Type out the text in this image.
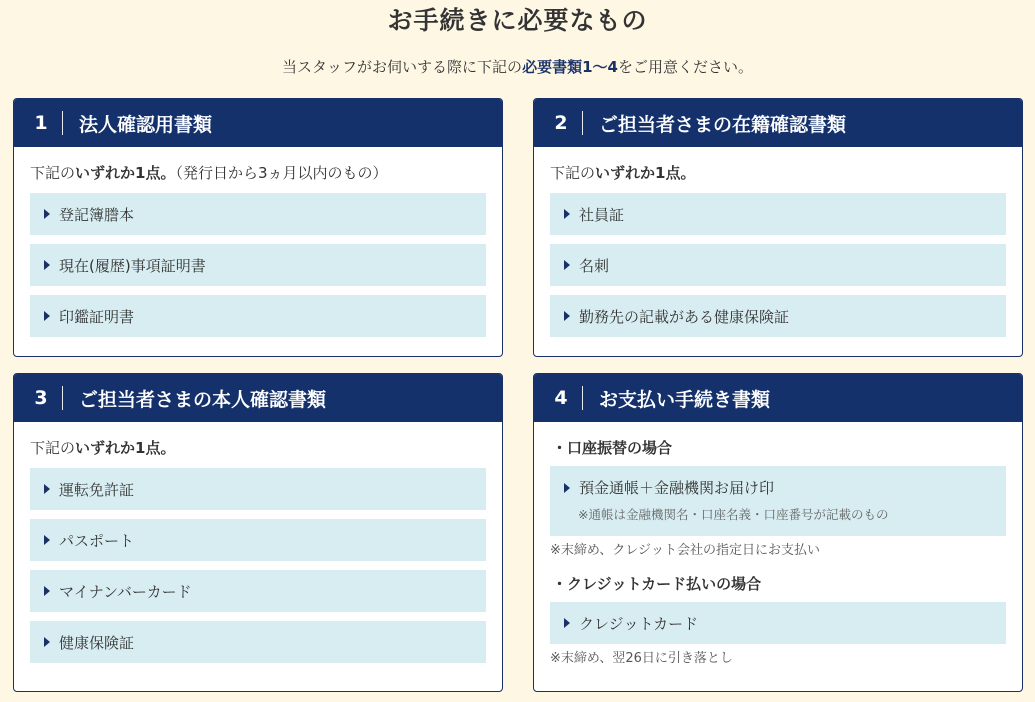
お手続きに必要なもの
当スタッフがお伺いする際に下記の必要書類1〜4をご用意ください。
1 法人確認用書類
下記のいずれか1点。（発行日から3ヵ月以内のもの）
登記簿謄本
現在(履歴)事項証明書
印鑑証明書
2 ご担当者さまの在籍確認書類
下記のいずれか1点。
社員証
名刺
勤務先の記載がある健康保険証
3 ご担当者さまの本人確認書類
下記のいずれか1点。
運転免許証
パスポート
マイナンバーカード
健康保険証
4 お支払い手続き書類
・口座振替の場合
預金通帳＋金融機関お届け印
※通帳は金融機関名・口座名義・口座番号が記載のもの
※末締め、クレジット会社の指定日にお支払い
・クレジットカード払いの場合
クレジットカード
※末締め、翌26日に引き落とし
